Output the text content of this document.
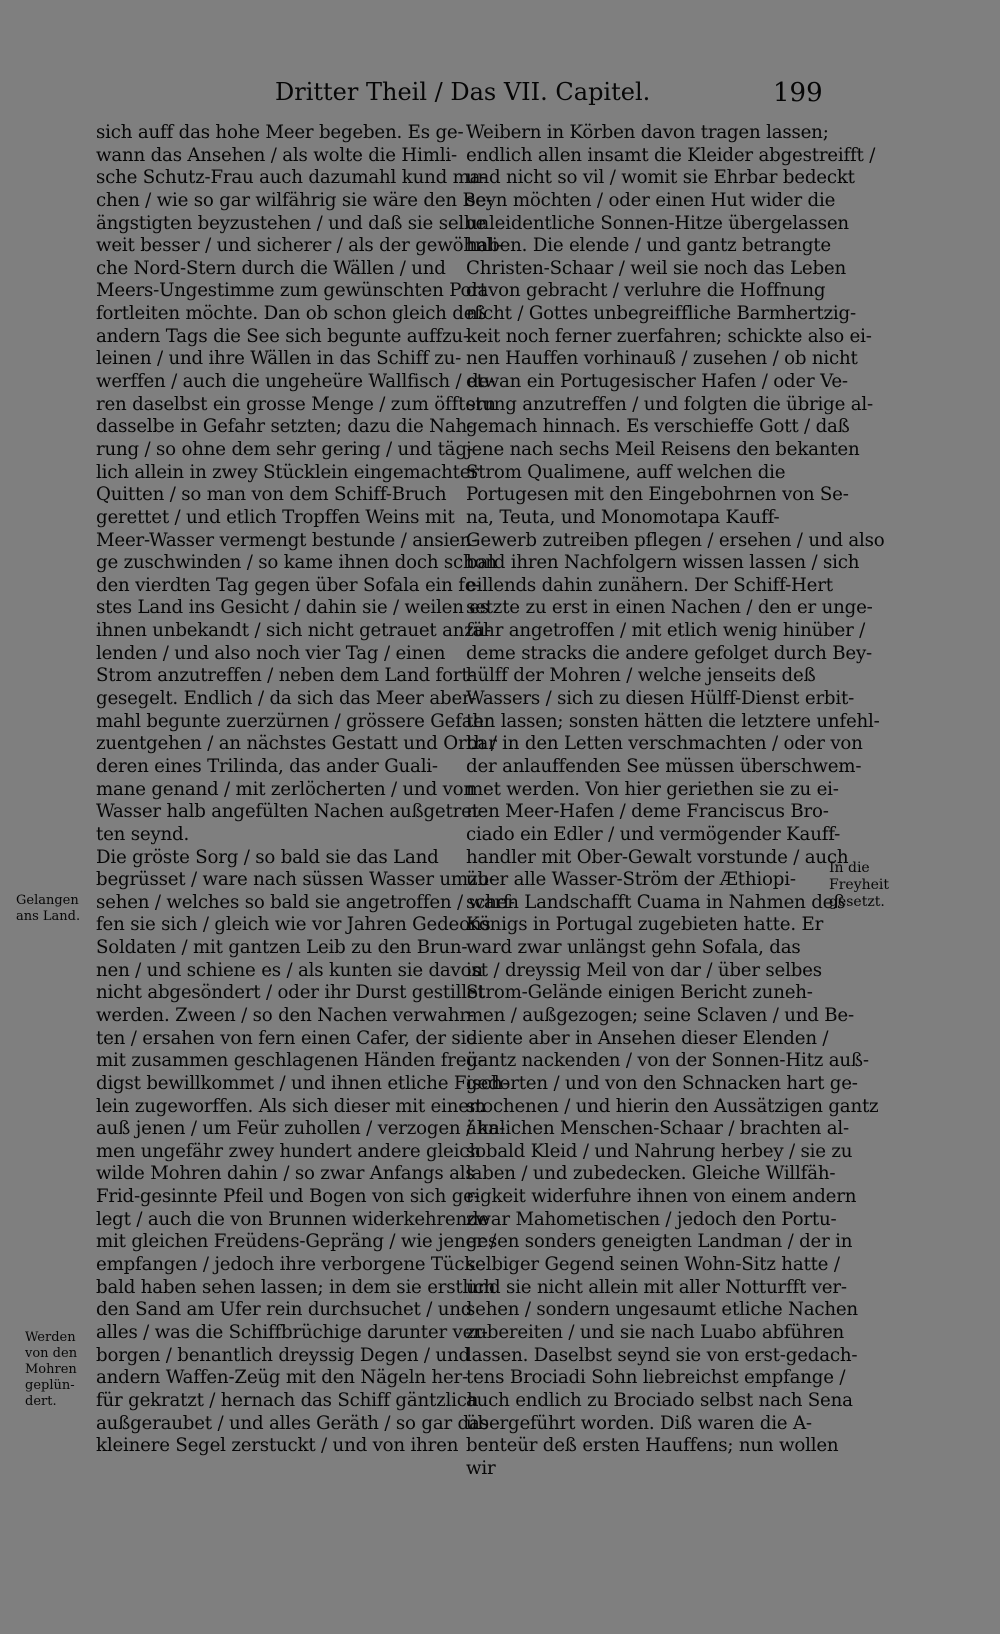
Dritter Theil / Das VII. Capitel.	199
sich auff das hohe Meer begeben. Es ge-
wann das Ansehen / als wolte die Himli-
sche Schutz-Frau auch dazumahl kund ma-
chen / wie so gar wilfährig sie wäre den Be-
ängstigten beyzustehen / und daß sie selbe
weit besser / und sicherer / als der gewöhnli-
che Nord-Stern durch die Wällen / und
Meers-Ungestimme zum gewünschten Port
fortleiten möchte. Dan ob schon gleich deß
andern Tags die See sich begunte auffzu-
leinen / und ihre Wällen in das Schiff zu-
werffen / auch die ungeheüre Wallfisch / de-
ren daselbst ein grosse Menge / zum öfftern
dasselbe in Gefahr setzten; dazu die Nah-
rung / so ohne dem sehr gering / und täg-
lich allein in zwey Stücklein eingemachter
Quitten / so man von dem Schiff-Bruch
gerettet / und etlich Tropffen Weins mit
Meer-Wasser vermengt bestunde / ansien-
ge zuschwinden / so kame ihnen doch schon
den vierdten Tag gegen über Sofala ein fe-
stes Land ins Gesicht / dahin sie / weilen es
ihnen unbekandt / sich nicht getrauet anzu-
lenden / und also noch vier Tag / einen
Strom anzutreffen / neben dem Land fort-
gesegelt. Endlich / da sich das Meer aber-
mahl begunte zuerzürnen / grössere Gefahr
zuentgehen / an nächstes Gestatt und Orth /
deren eines Trilinda, das ander Guali-
mane genand / mit zerlöcherten / und von
Wasser halb angefülten Nachen außgetret-
ten seynd.
Die gröste Sorg / so bald sie das Land
begrüsset / ware nach süssen Wasser umzu-
sehen / welches so bald sie angetroffen / warf-
fen sie sich / gleich wie vor Jahren Gedeons
Soldaten / mit gantzen Leib zu den Brun-
nen / und schiene es / als kunten sie davon
nicht abgesöndert / oder ihr Durst gestillet
werden. Zween / so den Nachen verwahr-
ten / ersahen von fern einen Cafer, der sie
mit zusammen geschlagenen Händen freü-
digst bewillkommet / und ihnen etliche Fisch-
lein zugeworffen. Als sich dieser mit einem
auß jenen / um Feür zuhollen / verzogen / ka-
men ungefähr zwey hundert andere gleich
wilde Mohren dahin / so zwar Anfangs als
Frid-gesinnte Pfeil und Bogen von sich ge-
legt / auch die von Brunnen widerkehrende
mit gleichen Freüdens-Gepräng / wie jener /
empfangen / jedoch ihre verborgene Tücke
bald haben sehen lassen; in dem sie erstlich
den Sand am Ufer rein durchsuchet / und
alles / was die Schiffbrüchige darunter ver-
borgen / benantlich dreyssig Degen / und
andern Waffen-Zeüg mit den Nägeln her-
für gekratzt / hernach das Schiff gäntzlich
außgeraubet / und alles Geräth / so gar das
kleinere Segel zerstuckt / und von ihren
Weibern in Körben davon tragen lassen;
endlich allen insamt die Kleider abgestreifft /
und nicht so vil / womit sie Ehrbar bedeckt
seyn möchten / oder einen Hut wider die
unleidentliche Sonnen-Hitze übergelassen
haben. Die elende / und gantz betrangte
Christen-Schaar / weil sie noch das Leben
davon gebracht / verluhre die Hoffnung
nicht / Gottes unbegreiffliche Barmhertzig-
keit noch ferner zuerfahren; schickte also ei-
nen Hauffen vorhinauß / zusehen / ob nicht
etwan ein Portugesischer Hafen / oder Ve-
stung anzutreffen / und folgten die übrige al-
gemach hinnach. Es verschieffe Gott / daß
jene nach sechs Meil Reisens den bekanten
Strom Qualimene, auff welchen die
Portugesen mit den Eingebohrnen von Se-
na, Teuta, und Monomotapa Kauff-
Gewerb zutreiben pflegen / ersehen / und also
bald ihren Nachfolgern wissen lassen / sich
eillends dahin zunähern. Der Schiff-Hert
setzte zu erst in einen Nachen / den er unge-
fähr angetroffen / mit etlich wenig hinüber /
deme stracks die andere gefolget durch Bey-
hülff der Mohren / welche jenseits deß
Wassers / sich zu diesen Hülff-Dienst erbit-
ten lassen; sonsten hätten die letztere unfehl-
bar in den Letten verschmachten / oder von
der anlauffenden See müssen überschwem-
met werden. Von hier geriethen sie zu ei-
nen Meer-Hafen / deme Franciscus Bro-
ciado ein Edler / und vermögender Kauff-
handler mit Ober-Gewalt vorstunde / auch
über alle Wasser-Ström der Æthiopi-
schen Landschafft Cuama in Nahmen deß
Königs in Portugal zugebieten hatte. Er
ward zwar unlängst gehn Sofala, das
ist / dreyssig Meil von dar / über selbes
Strom-Gelände einigen Bericht zuneh-
men / außgezogen; seine Sclaven / und Be-
diente aber in Ansehen dieser Elenden /
gantz nackenden / von der Sonnen-Hitz auß-
gedorten / und von den Schnacken hart ge-
stochenen / und hierin den Aussätzigen gantz
ähnlichen Menschen-Schaar / brachten al-
sobald Kleid / und Nahrung herbey / sie zu
laben / und zubedecken. Gleiche Willfäh-
rigkeit widerfuhre ihnen von einem andern
zwar Mahometischen / jedoch den Portu-
gesen sonders geneigten Landman / der in
selbiger Gegend seinen Wohn-Sitz hatte /
und sie nicht allein mit aller Notturfft ver-
sehen / sondern ungesaumt etliche Nachen
zubereiten / und sie nach Luabo abführen
lassen. Daselbst seynd sie von erst-gedach-
tens Brociadi Sohn liebreichst empfange /
auch endlich zu Brociado selbst nach Sena
übergeführt worden. Diß waren die A-
benteür deß ersten Hauffens; nun wollen
wir
Gelangen
ans Land.
Werden
von den
Mohren
geplün-
dert.
In die
Freyheit
gesetzt.
